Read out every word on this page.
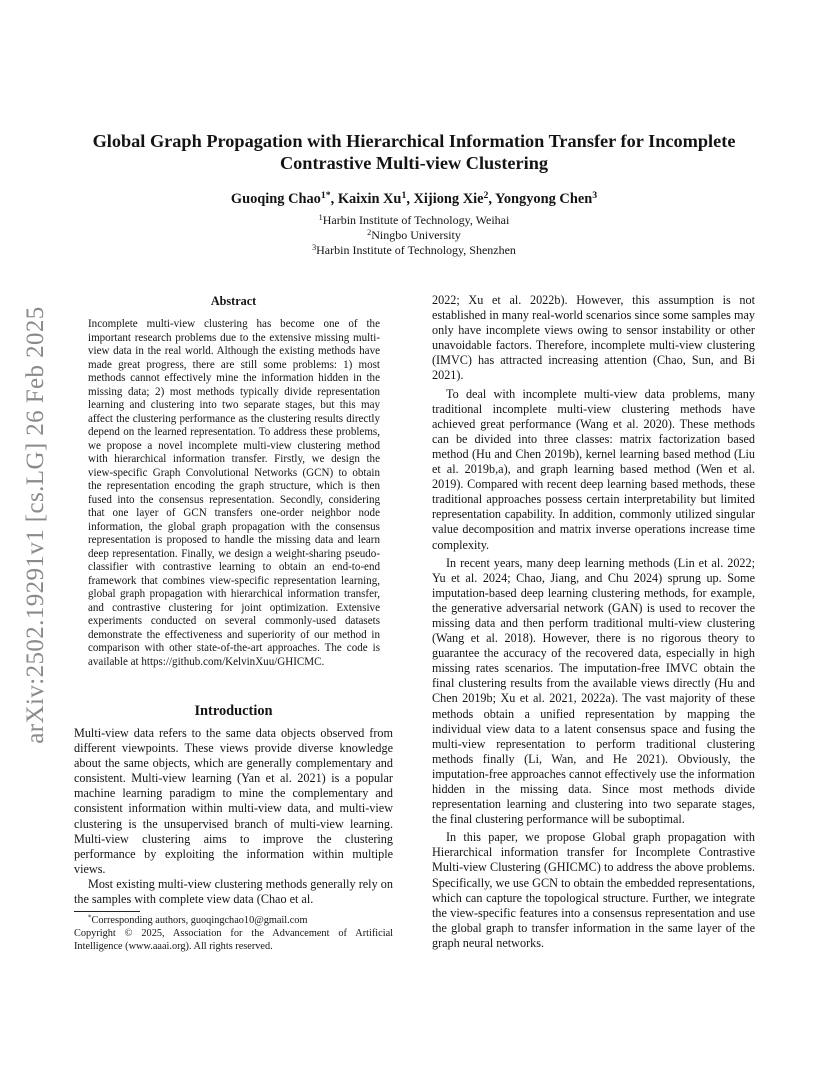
arXiv:2502.19291v1 [cs.LG] 26 Feb 2025
Global Graph Propagation with Hierarchical Information Transfer for Incomplete Contrastive Multi-view Clustering
Guoqing Chao$^{1*}$, Kaixin Xu$^1$, Xijiong Xie$^2$, Yongyong Chen$^3$
$^1$Harbin Institute of Technology, Weihai
$^2$Ningbo University
$^3$Harbin Institute of Technology, Shenzhen
Abstract

Incomplete multi-view clustering has become one of the important research problems due to the extensive missing multi-view data in the real world. Although the existing methods have made great progress, there are still some problems: 1) most methods cannot effectively mine the information hidden in the missing data; 2) most methods typically divide representation learning and clustering into two separate stages, but this may affect the clustering performance as the clustering results directly depend on the learned representation. To address these problems, we propose a novel incomplete multi-view clustering method with hierarchical information transfer. Firstly, we design the view-specific Graph Convolutional Networks (GCN) to obtain the representation encoding the graph structure, which is then fused into the consensus representation. Secondly, considering that one layer of GCN transfers one-order neighbor node information, the global graph propagation with the consensus representation is proposed to handle the missing data and learn deep representation. Finally, we design a weight-sharing pseudo-classifier with contrastive learning to obtain an end-to-end framework that combines view-specific representation learning, global graph propagation with hierarchical information transfer, and contrastive clustering for joint optimization. Extensive experiments conducted on several commonly-used datasets demonstrate the effectiveness and superiority of our method in comparison with other state-of-the-art approaches. The code is available at https://github.com/KelvinXuu/GHICMC.

Introduction

Multi-view data refers to the same data objects observed from different viewpoints. These views provide diverse knowledge about the same objects, which are generally complementary and consistent. Multi-view learning (Yan et al. 2021) is a popular machine learning paradigm to mine the complementary and consistent information within multi-view data, and multi-view clustering is the unsupervised branch of multi-view learning. Multi-view clustering aims to improve the clustering performance by exploiting the information within multiple views.

Most existing multi-view clustering methods generally rely on the samples with complete view data (Chao et al.

*Corresponding authors, guoqingchao10@gmail.com
Copyright © 2025, Association for the Advancement of Artificial Intelligence (www.aaai.org). All rights reserved.

2022; Xu et al. 2022b). However, this assumption is not established in many real-world scenarios since some samples may only have incomplete views owing to sensor instability or other unavoidable factors. Therefore, incomplete multi-view clustering (IMVC) has attracted increasing attention (Chao, Sun, and Bi 2021).

To deal with incomplete multi-view data problems, many traditional incomplete multi-view clustering methods have achieved great performance (Wang et al. 2020). These methods can be divided into three classes: matrix factorization based method (Hu and Chen 2019b), kernel learning based method (Liu et al. 2019b,a), and graph learning based method (Wen et al. 2019). Compared with recent deep learning based methods, these traditional approaches possess certain interpretability but limited representation capability. In addition, commonly utilized singular value decomposition and matrix inverse operations increase time complexity.

In recent years, many deep learning methods (Lin et al. 2022; Yu et al. 2024; Chao, Jiang, and Chu 2024) sprung up. Some imputation-based deep learning clustering methods, for example, the generative adversarial network (GAN) is used to recover the missing data and then perform traditional multi-view clustering (Wang et al. 2018). However, there is no rigorous theory to guarantee the accuracy of the recovered data, especially in high missing rates scenarios. The imputation-free IMVC obtain the final clustering results from the available views directly (Hu and Chen 2019b; Xu et al. 2021, 2022a). The vast majority of these methods obtain a unified representation by mapping the individual view data to a latent consensus space and fusing the multi-view representation to perform traditional clustering methods finally (Li, Wan, and He 2021). Obviously, the imputation-free approaches cannot effectively use the information hidden in the missing data. Since most methods divide representation learning and clustering into two separate stages, the final clustering performance will be suboptimal.

In this paper, we propose Global graph propagation with Hierarchical information transfer for Incomplete Contrastive Multi-view Clustering (GHICMC) to address the above problems. Specifically, we use GCN to obtain the embedded representations, which can capture the topological structure. Further, we integrate the view-specific features into a consensus representation and use the global graph to transfer information in the same layer of the graph neural networks.
